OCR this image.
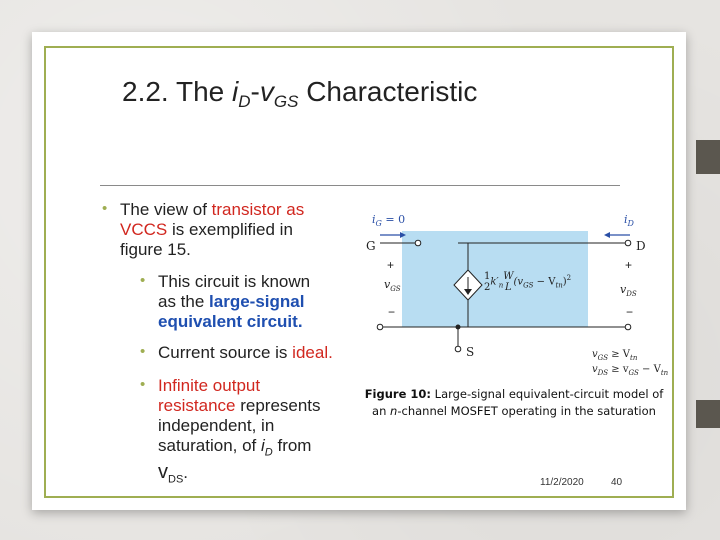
2.2. The $i_D-v_{GS}$ Characteristic
• The view of transistor as
VCCS is exemplified in
figure 15.
• This circuit is known
as the large-signal
equivalent circuit.
• Current source is ideal.
• Infinite output
resistance represents
independent, in
saturation, of $i_D$ from
$v_{DS}$.
$i_G = 0$	$i_D$
G	D
S
+
$v_{GS}$
−
+
$v_{DS}$
−
1
$2k'_nW$
L $(v_{GS} - V_{tn})^2$
$v_{GS} \ge V_{tn}$
$v_{DS} \ge v_{GS} - V_{tn}$
Figure 10: Large-signal equivalent-circuit model of
an n-channel MOSFET operating in the saturation
11/2/2020	40
